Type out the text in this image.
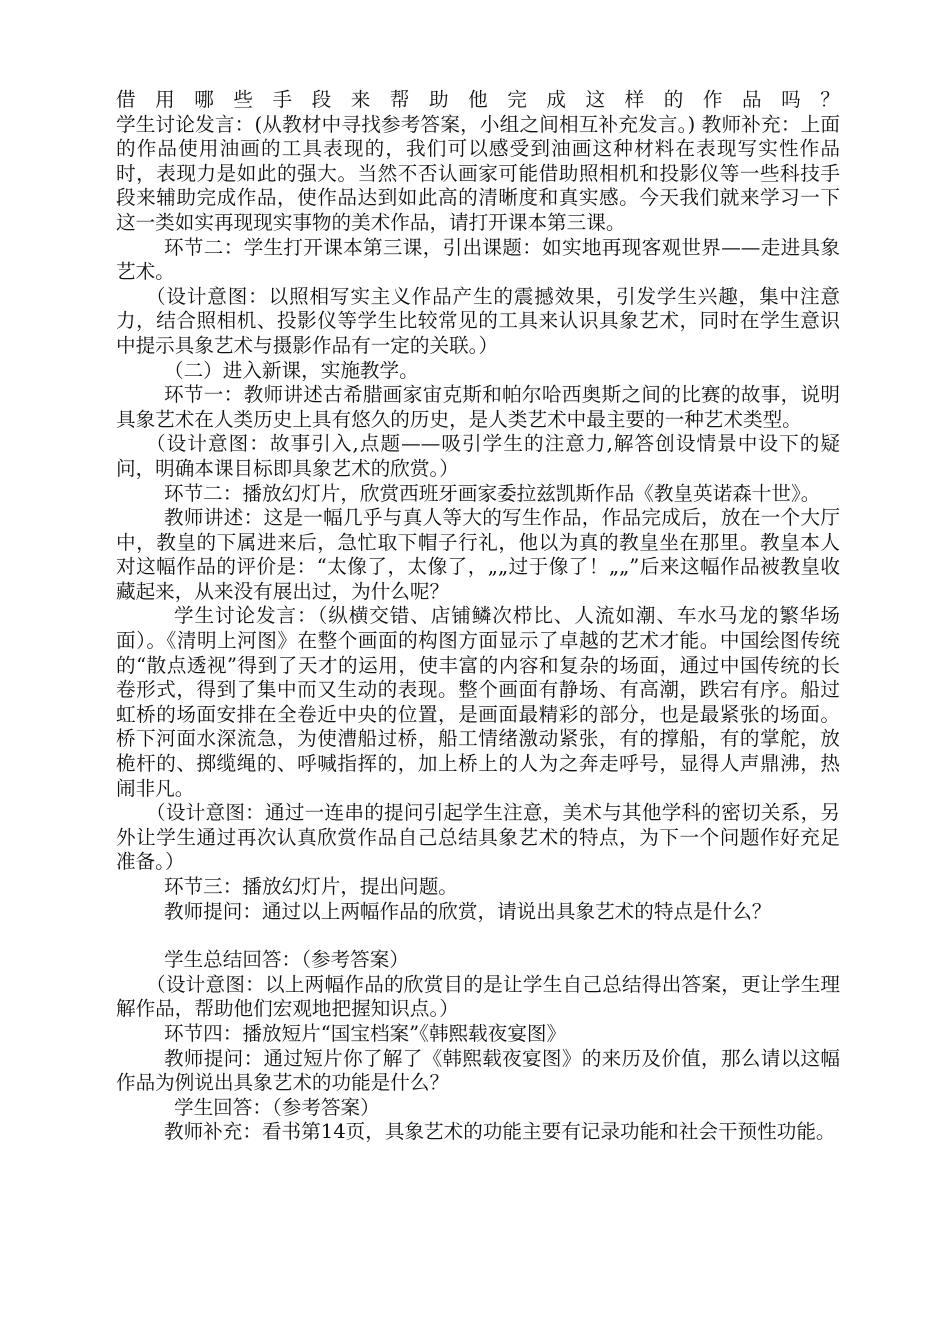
借 用 哪 些 手 段 来 帮 助 他 完 成 这 样 的 作 品 吗 ？

学生讨论发言：(从教材中寻找参考答案，小组之间相互补充发言。) 教师补充：上面的作品使用油画的工具表现的，我们可以感受到油画这种材料在表现写实性作品时，表现力是如此的强大。当然不否认画家可能借助照相机和投影仪等一些科技手段来辅助完成作品，使作品达到如此高的清晰度和真实感。今天我们就来学习一下这一类如实再现现实事物的美术作品，请打开课本第三课。

环节二：学生打开课本第三课，引出课题：如实地再现客观世界——走进具象艺术。

（设计意图：以照相写实主义作品产生的震撼效果，引发学生兴趣，集中注意力，结合照相机、投影仪等学生比较常见的工具来认识具象艺术，同时在学生意识中提示具象艺术与摄影作品有一定的关联。）

（二）进入新课，实施教学。

环节一：教师讲述古希腊画家宙克斯和帕尔哈西奥斯之间的比赛的故事，说明具象艺术在人类历史上具有悠久的历史，是人类艺术中最主要的一种艺术类型。

（设计意图：故事引入,点题——吸引学生的注意力,解答创设情景中设下的疑问，明确本课目标即具象艺术的欣赏。）

环节二：播放幻灯片，欣赏西班牙画家委拉兹凯斯作品《教皇英诺森十世》。

教师讲述：这是一幅几乎与真人等大的写生作品，作品完成后，放在一个大厅中，教皇的下属进来后，急忙取下帽子行礼，他以为真的教皇坐在那里。教皇本人对这幅作品的评价是：“太像了，太像了，„„过于像了！„„”后来这幅作品被教皇收藏起来，从来没有展出过，为什么呢？

学生讨论发言：（纵横交错、店铺鳞次栉比、人流如潮、车水马龙的繁华场面）。《清明上河图》在整个画面的构图方面显示了卓越的艺术才能。中国绘图传统的“散点透视”得到了天才的运用，使丰富的内容和复杂的场面，通过中国传统的长卷形式，得到了集中而又生动的表现。整个画面有静场、有高潮，跌宕有序。船过虹桥的场面安排在全卷近中央的位置，是画面最精彩的部分，也是最紧张的场面。桥下河面水深流急，为使漕船过桥，船工情绪激动紧张，有的撑船，有的掌舵，放桅杆的、掷缆绳的、呼喊指挥的，加上桥上的人为之奔走呼号，显得人声鼎沸，热闹非凡。

（设计意图：通过一连串的提问引起学生注意，美术与其他学科的密切关系，另外让学生通过再次认真欣赏作品自己总结具象艺术的特点，为下一个问题作好充足准备。）

环节三：播放幻灯片，提出问题。

教师提问：通过以上两幅作品的欣赏，请说出具象艺术的特点是什么？

学生总结回答：（参考答案）

（设计意图：以上两幅作品的欣赏目的是让学生自己总结得出答案，更让学生理解作品，帮助他们宏观地把握知识点。）

环节四：播放短片“国宝档案”《韩熙载夜宴图》

教师提问：通过短片你了解了《韩熙载夜宴图》的来历及价值，那么请以这幅作品为例说出具象艺术的功能是什么？

学生回答：（参考答案）

教师补充：看书第14页，具象艺术的功能主要有记录功能和社会干预性功能。
